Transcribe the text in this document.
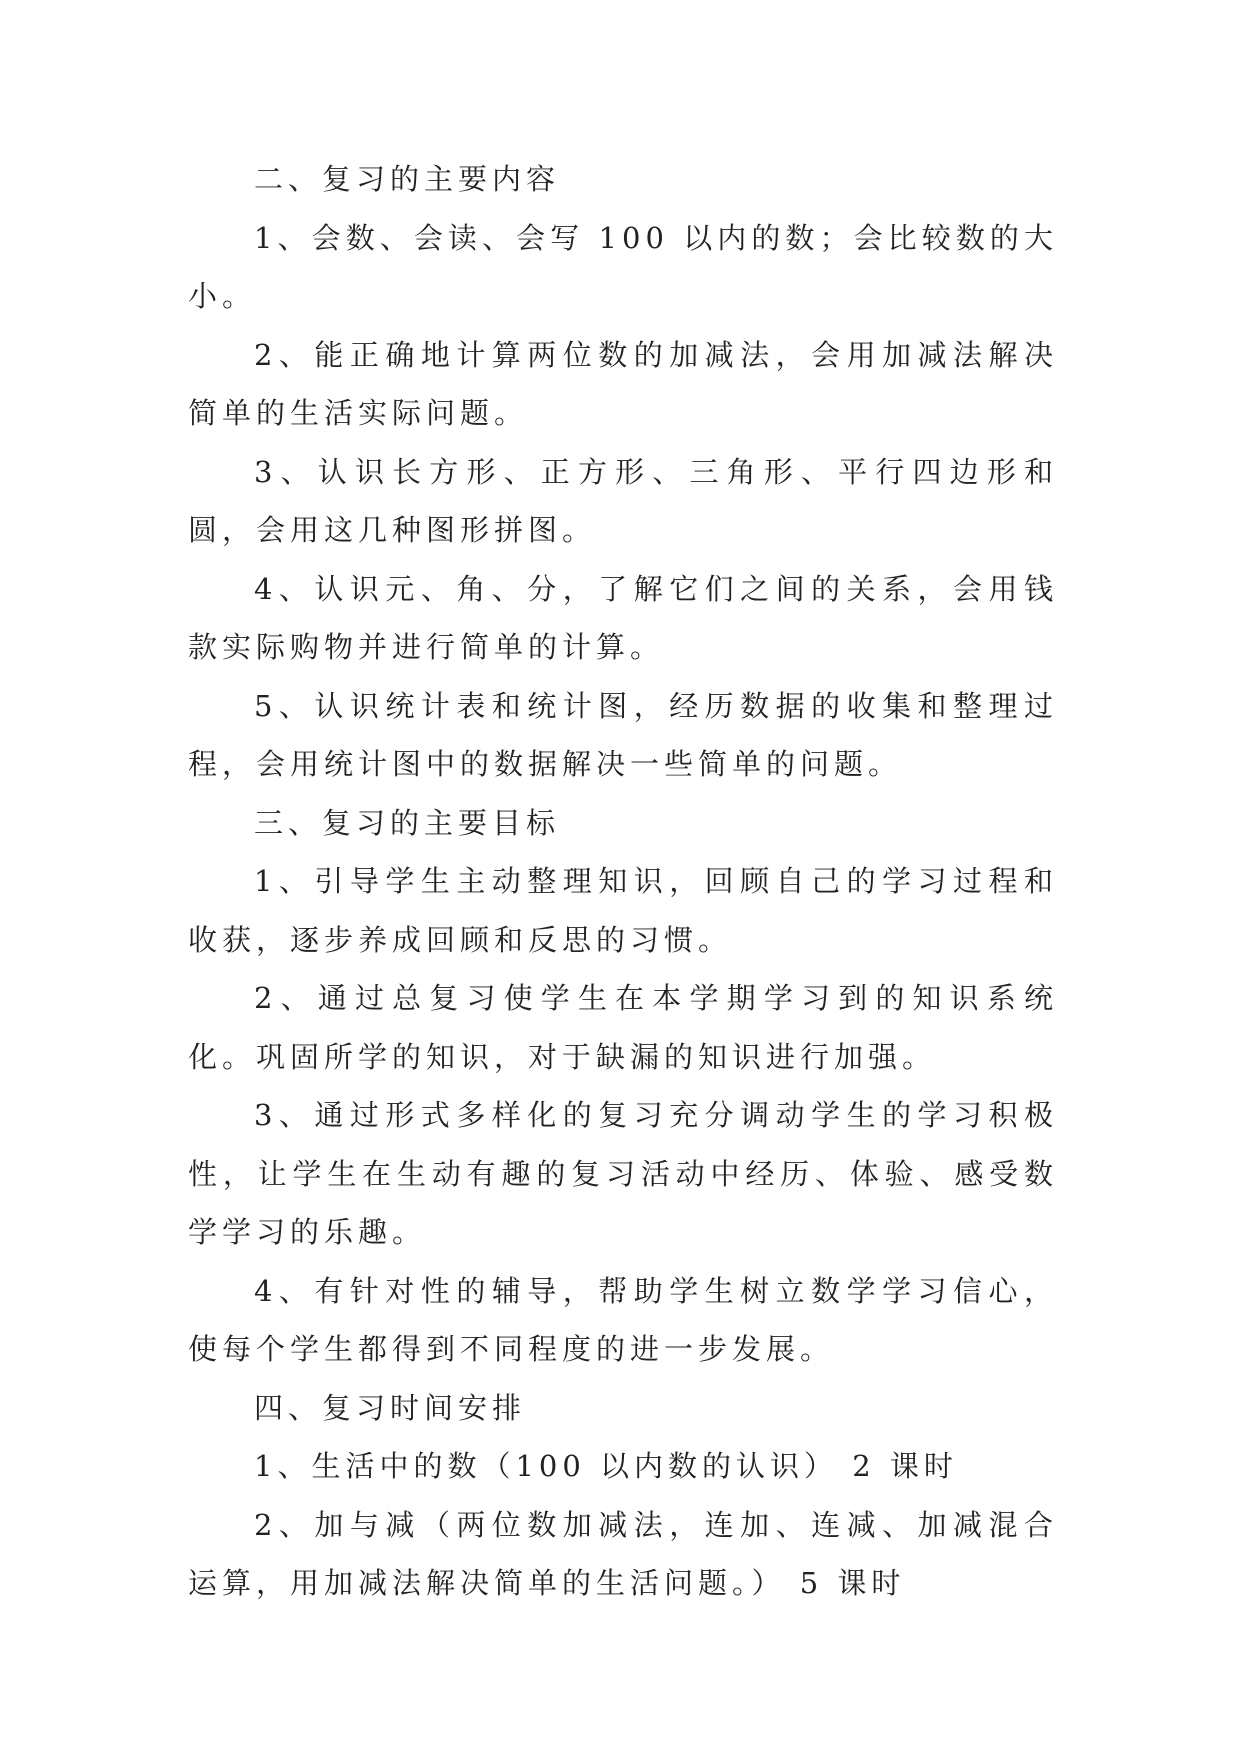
二、复习的主要内容

1、会数、会读、会写 100 以内的数；会比较数的大小。

2、能正确地计算两位数的加减法，会用加减法解决简单的生活实际问题。

3、认识长方形、正方形、三角形、平行四边形和圆，会用这几种图形拼图。

4、认识元、角、分，了解它们之间的关系，会用钱款实际购物并进行简单的计算。

5、认识统计表和统计图，经历数据的收集和整理过程，会用统计图中的数据解决一些简单的问题。

三、复习的主要目标

1、引导学生主动整理知识，回顾自己的学习过程和收获，逐步养成回顾和反思的习惯。

2、通过总复习使学生在本学期学习到的知识系统化。巩固所学的知识，对于缺漏的知识进行加强。

3、通过形式多样化的复习充分调动学生的学习积极性，让学生在生动有趣的复习活动中经历、体验、感受数学学习的乐趣。

4、有针对性的辅导，帮助学生树立数学学习信心，使每个学生都得到不同程度的进一步发展。

四、复习时间安排

1、生活中的数（100 以内数的认识） 2 课时

2、加与减（两位数加减法，连加、连减、加减混合运算，用加减法解决简单的生活问题。） 5 课时
